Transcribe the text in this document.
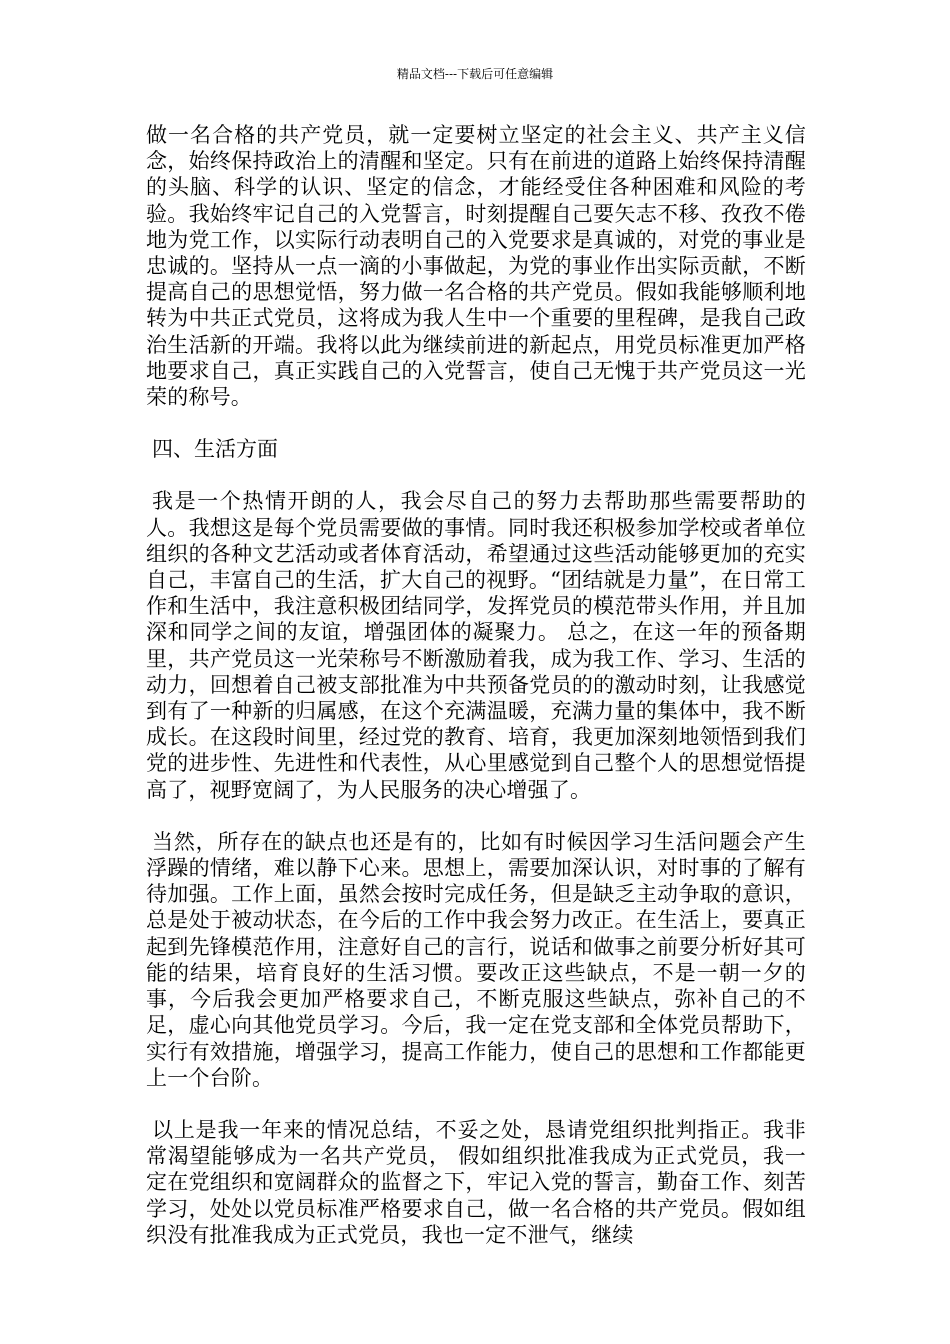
精品文档---下载后可任意编辑

做一名合格的共产党员，就一定要树立坚定的社会主义、共产主义信念，始终保持政治上的清醒和坚定。只有在前进的道路上始终保持清醒的头脑、科学的认识、坚定的信念，才能经受住各种困难和风险的考验。我始终牢记自己的入党誓言，时刻提醒自己要矢志不移、孜孜不倦地为党工作，以实际行动表明自己的入党要求是真诚的，对党的事业是忠诚的。坚持从一点一滴的小事做起，为党的事业作出实际贡献，不断提高自己的思想觉悟，努力做一名合格的共产党员。假如我能够顺利地转为中共正式党员，这将成为我人生中一个重要的里程碑，是我自己政治生活新的开端。我将以此为继续前进的新起点，用党员标准更加严格地要求自己，真正实践自己的入党誓言，使自己无愧于共产党员这一光荣的称号。

四、生活方面

我是一个热情开朗的人，我会尽自己的努力去帮助那些需要帮助的人。我想这是每个党员需要做的事情。同时我还积极参加学校或者单位组织的各种文艺活动或者体育活动，希望通过这些活动能够更加的充实自己，丰富自己的生活，扩大自己的视野。“团结就是力量”，在日常工作和生活中，我注意积极团结同学，发挥党员的模范带头作用，并且加深和同学之间的友谊，增强团体的凝聚力。 总之，在这一年的预备期里，共产党员这一光荣称号不断激励着我，成为我工作、学习、生活的动力，回想着自己被支部批准为中共预备党员的的激动时刻，让我感觉到有了一种新的归属感，在这个充满温暖，充满力量的集体中，我不断成长。在这段时间里，经过党的教育、培育，我更加深刻地领悟到我们党的进步性、先进性和代表性，从心里感觉到自己整个人的思想觉悟提高了，视野宽阔了，为人民服务的决心增强了。

当然，所存在的缺点也还是有的，比如有时候因学习生活问题会产生浮躁的情绪，难以静下心来。思想上，需要加深认识，对时事的了解有待加强。工作上面，虽然会按时完成任务，但是缺乏主动争取的意识，总是处于被动状态，在今后的工作中我会努力改正。在生活上，要真正起到先锋模范作用，注意好自己的言行，说话和做事之前要分析好其可能的结果，培育良好的生活习惯。要改正这些缺点，不是一朝一夕的事，今后我会更加严格要求自己，不断克服这些缺点，弥补自己的不足，虚心向其他党员学习。今后，我一定在党支部和全体党员帮助下，实行有效措施，增强学习，提高工作能力，使自己的思想和工作都能更上一个台阶。

以上是我一年来的情况总结，不妥之处，恳请党组织批判指正。我非常渴望能够成为一名共产党员， 假如组织批准我成为正式党员，我一定在党组织和宽阔群众的监督之下，牢记入党的誓言，勤奋工作、刻苦学习，处处以党员标准严格要求自己，做一名合格的共产党员。假如组织没有批准我成为正式党员，我也一定不泄气，继续
